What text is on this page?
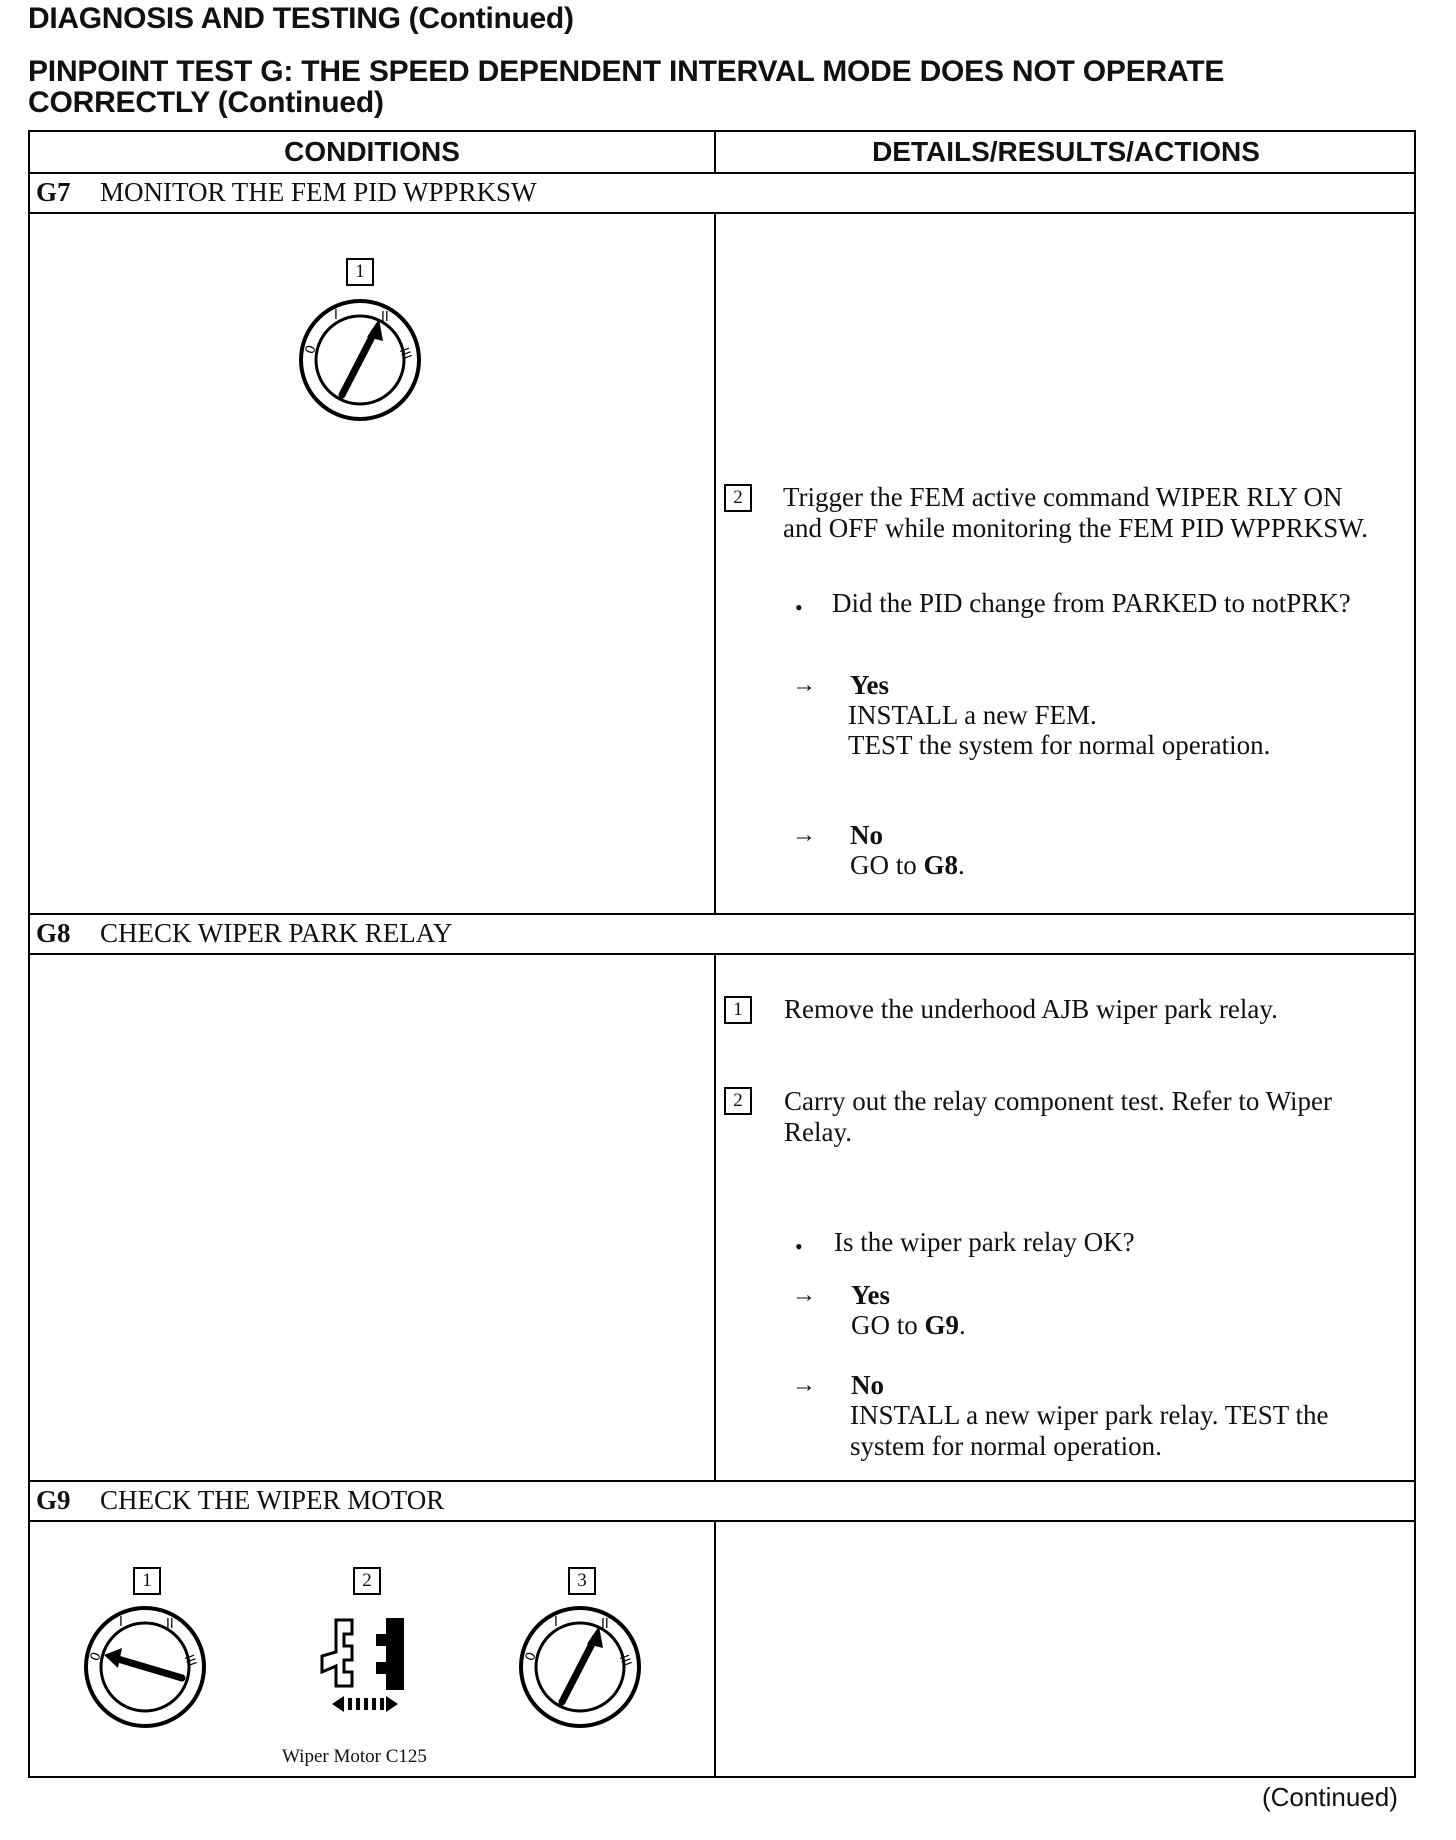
DIAGNOSIS AND TESTING (Continued)
PINPOINT TEST G: THE SPEED DEPENDENT INTERVAL MODE DOES NOT OPERATE CORRECTLY (Continued)
CONDITIONS	DETAILS/RESULTS/ACTIONS
G7 MONITOR THE FEM PID WPPRKSW
1
0
I	II
III
2	Trigger the FEM active command WIPER RLY ON and OFF while monitoring the FEM PID WPPRKSW.
• Did the PID change from PARKED to notPRK?
→ Yes
INSTALL a new FEM.
TEST the system for normal operation.
→ No
GO to G8.
G8 CHECK WIPER PARK RELAY
1	Remove the underhood AJB wiper park relay.
2	Carry out the relay component test. Refer to Wiper Relay.
• Is the wiper park relay OK?
→ Yes
GO to G9.
→ No
INSTALL a new wiper park relay. TEST the system for normal operation.
G9 CHECK THE WIPER MOTOR
1
0
I	II
III
2
Wiper Motor C125
3
0
I	II
III
(Continued)
